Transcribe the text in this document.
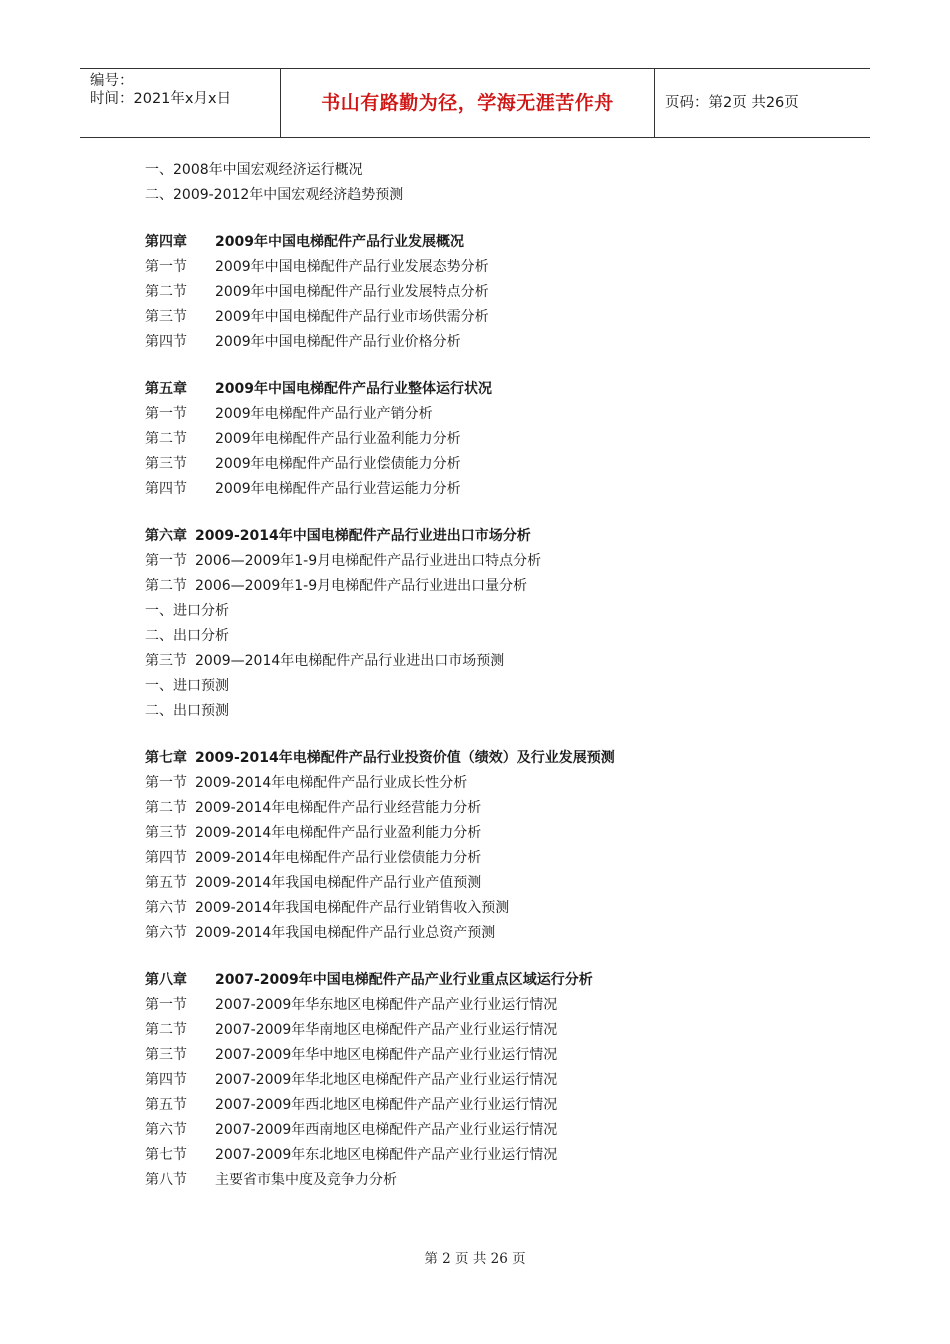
编号：
时间：2021年x月x日	书山有路勤为径，学海无涯苦作舟	页码：第2页 共26页
一、2008年中国宏观经济运行概况
二、2009-2012年中国宏观经济趋势预测
第四章 2009年中国电梯配件产品行业发展概况
第一节 2009年中国电梯配件产品行业发展态势分析
第二节 2009年中国电梯配件产品行业发展特点分析
第三节 2009年中国电梯配件产品行业市场供需分析
第四节 2009年中国电梯配件产品行业价格分析
第五章 2009年中国电梯配件产品行业整体运行状况
第一节 2009年电梯配件产品行业产销分析
第二节 2009年电梯配件产品行业盈利能力分析
第三节 2009年电梯配件产品行业偿债能力分析
第四节 2009年电梯配件产品行业营运能力分析
第六章 2009-2014年中国电梯配件产品行业进出口市场分析
第一节 2006—2009年1-9月电梯配件产品行业进出口特点分析
第二节 2006—2009年1-9月电梯配件产品行业进出口量分析
一、进口分析
二、出口分析
第三节 2009—2014年电梯配件产品行业进出口市场预测
一、进口预测
二、出口预测
第七章 2009-2014年电梯配件产品行业投资价值（绩效）及行业发展预测
第一节 2009-2014年电梯配件产品行业成长性分析
第二节 2009-2014年电梯配件产品行业经营能力分析
第三节 2009-2014年电梯配件产品行业盈利能力分析
第四节 2009-2014年电梯配件产品行业偿债能力分析
第五节 2009-2014年我国电梯配件产品行业产值预测
第六节 2009-2014年我国电梯配件产品行业销售收入预测
第六节 2009-2014年我国电梯配件产品行业总资产预测
第八章 2007-2009年中国电梯配件产品产业行业重点区域运行分析
第一节 2007-2009年华东地区电梯配件产品产业行业运行情况
第二节 2007-2009年华南地区电梯配件产品产业行业运行情况
第三节 2007-2009年华中地区电梯配件产品产业行业运行情况
第四节 2007-2009年华北地区电梯配件产品产业行业运行情况
第五节 2007-2009年西北地区电梯配件产品产业行业运行情况
第六节 2007-2009年西南地区电梯配件产品产业行业运行情况
第七节 2007-2009年东北地区电梯配件产品产业行业运行情况
第八节 主要省市集中度及竞争力分析
第 2 页 共 26 页
